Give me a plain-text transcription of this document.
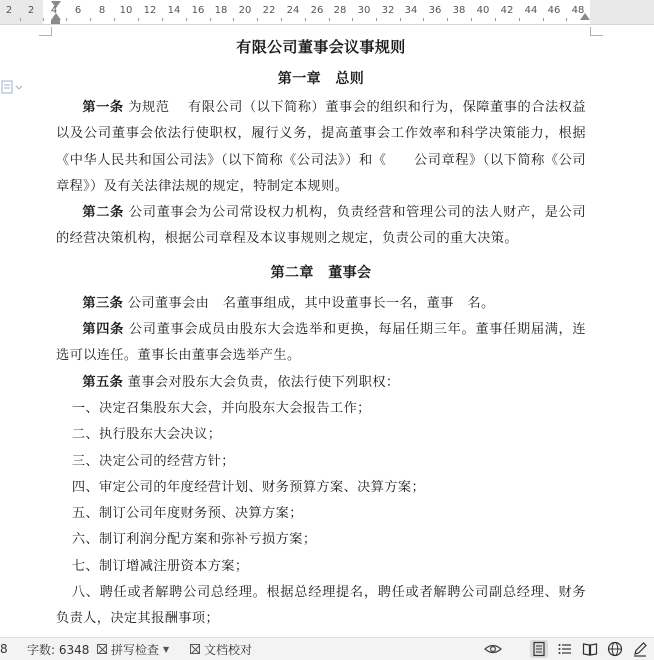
2 2 4 6 8 10 12 14 16 18 20 22 24 26 28 30 32 34 36 38 40 42 44 46 48

有限公司董事会议事规则

第一章　总则

第一条 为规范　 有限公司（以下简称）董事会的组织和行为，保障董事的合法权益以及公司董事会依法行使职权，履行义务，提高董事会工作效率和科学决策能力，根据《中华人民共和国公司法》（以下简称《公司法》）和《　　公司章程》（以下简称《公司章程》）及有关法律法规的规定，特制定本规则。

第二条 公司董事会为公司常设权力机构，负责经营和管理公司的法人财产，是公司的经营决策机构，根据公司章程及本议事规则之规定，负责公司的重大决策。

第二章　董事会

第三条 公司董事会由　名董事组成，其中设董事长一名，董事　名。

第四条 公司董事会成员由股东大会选举和更换，每届任期三年。董事任期届满，连选可以连任。董事长由董事会选举产生。

第五条 董事会对股东大会负责，依法行使下列职权：

一、决定召集股东大会，并向股东大会报告工作；

二、执行股东大会决议；

三、决定公司的经营方针；

四、审定公司的年度经营计划、财务预算方案、决算方案；

五、制订公司年度财务预、决算方案；

六、制订利润分配方案和弥补亏损方案；

七、制订增减注册资本方案；

八、聘任或者解聘公司总经理。根据总经理提名，聘任或者解聘公司副总经理、财务负责人，决定其报酬事项；

8 字数: 6348 拼写检查 ▼	文档校对
